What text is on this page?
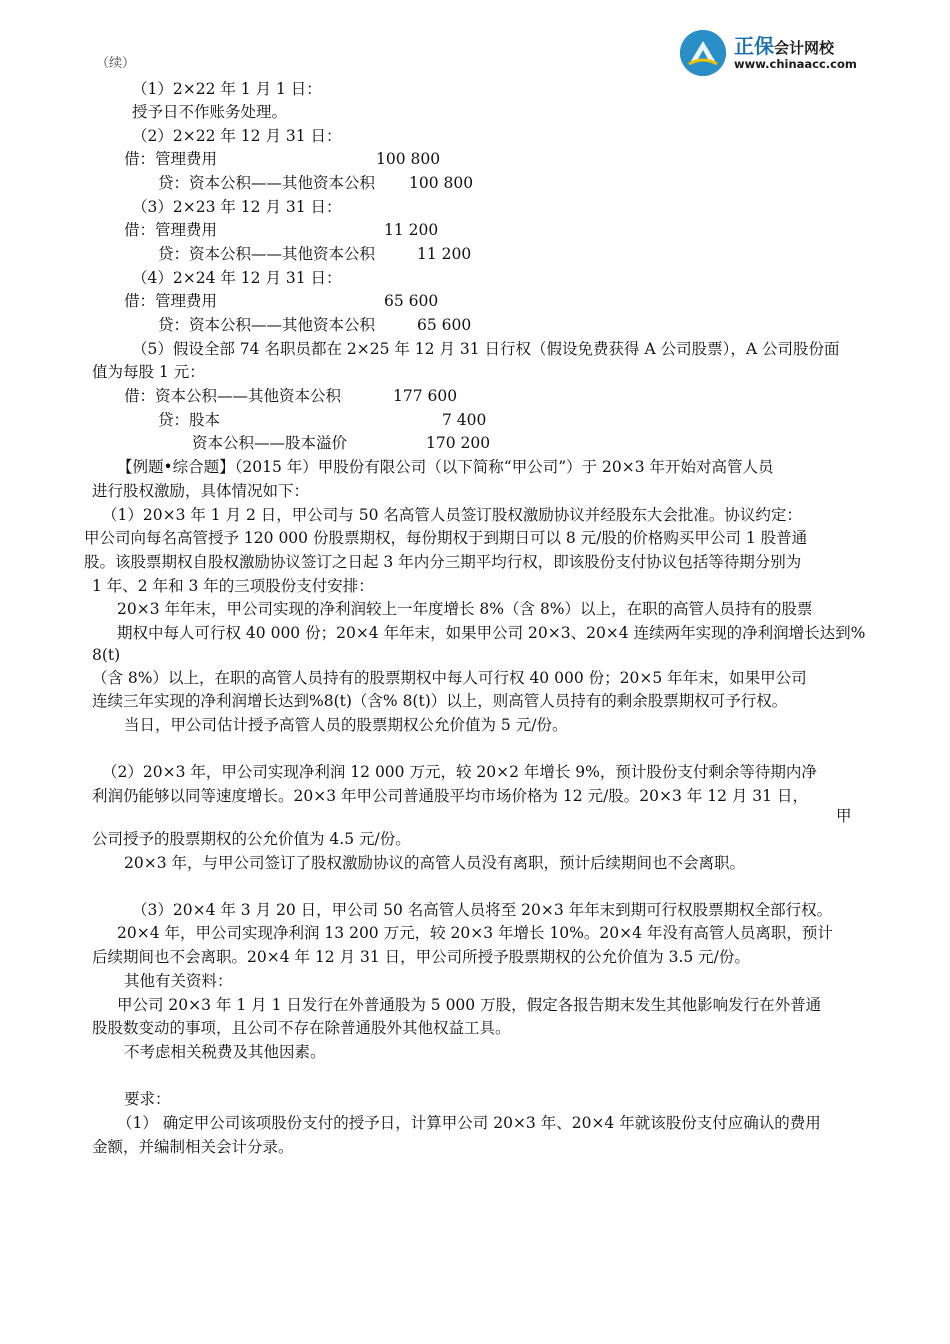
正保会计网校
www.chinaacc.com
（续）
（1）2×22 年 1 月 1 日：
授予日不作账务处理。
（2）2×22 年 12 月 31 日：
借：管理费用	100 800
贷：资本公积——其他资本公积 100 800
（3）2×23 年 12 月 31 日：
借：管理费用	11 200
贷：资本公积——其他资本公积	11 200
（4）2×24 年 12 月 31 日：
借：管理费用	65 600
贷：资本公积——其他资本公积	65 600
（5）假设全部 74 名职员都在 2×25 年 12 月 31 日行权（假设免费获得 A 公司股票），A 公司股份面
值为每股 1 元：
借：资本公积——其他资本公积	177 600
贷：股本	7 400
资本公积——股本溢价	170 200
【例题•综合题】（2015 年）甲股份有限公司（以下简称“甲公司”）于 20×3 年开始对高管人员
进行股权激励，具体情况如下：
（1）20×3 年 1 月 2 日，甲公司与 50 名高管人员签订股权激励协议并经股东大会批准。协议约定：
甲公司向每名高管授予 120 000 份股票期权，每份期权于到期日可以 8 元/股的价格购买甲公司 1 股普通
股。该股票期权自股权激励协议签订之日起 3 年内分三期平均行权，即该股份支付协议包括等待期分别为
1 年、2 年和 3 年的三项股份支付安排：
20×3 年年末，甲公司实现的净利润较上一年度增长 8%（含 8%）以上，在职的高管人员持有的股票
期权中每人可行权 40 000 份；20×4 年年末，如果甲公司 20×3、20×4 连续两年实现的净利润增长达到%
8(t)
（含 8%）以上，在职的高管人员持有的股票期权中每人可行权 40 000 份；20×5 年年末，如果甲公司
连续三年实现的净利润增长达到%8(t)（含% 8(t)）以上，则高管人员持有的剩余股票期权可予行权。
当日，甲公司估计授予高管人员的股票期权公允价值为 5 元/份。
（2）20×3 年，甲公司实现净利润 12 000 万元，较 20×2 年增长 9%，预计股份支付剩余等待期内净
利润仍能够以同等速度增长。20×3 年甲公司普通股平均市场价格为 12 元/股。20×3 年 12 月 31 日，
甲
公司授予的股票期权的公允价值为 4.5 元/份。
20×3 年，与甲公司签订了股权激励协议的高管人员没有离职，预计后续期间也不会离职。
（3）20×4 年 3 月 20 日，甲公司 50 名高管人员将至 20×3 年年末到期可行权股票期权全部行权。
20×4 年，甲公司实现净利润 13 200 万元，较 20×3 年增长 10%。20×4 年没有高管人员离职，预计
后续期间也不会离职。20×4 年 12 月 31 日，甲公司所授予股票期权的公允价值为 3.5 元/份。
其他有关资料：
甲公司 20×3 年 1 月 1 日发行在外普通股为 5 000 万股，假定各报告期末发生其他影响发行在外普通
股股数变动的事项，且公司不存在除普通股外其他权益工具。
不考虑相关税费及其他因素。
要求：
（1） 确定甲公司该项股份支付的授予日，计算甲公司 20×3 年、20×4 年就该股份支付应确认的费用
金额，并编制相关会计分录。
